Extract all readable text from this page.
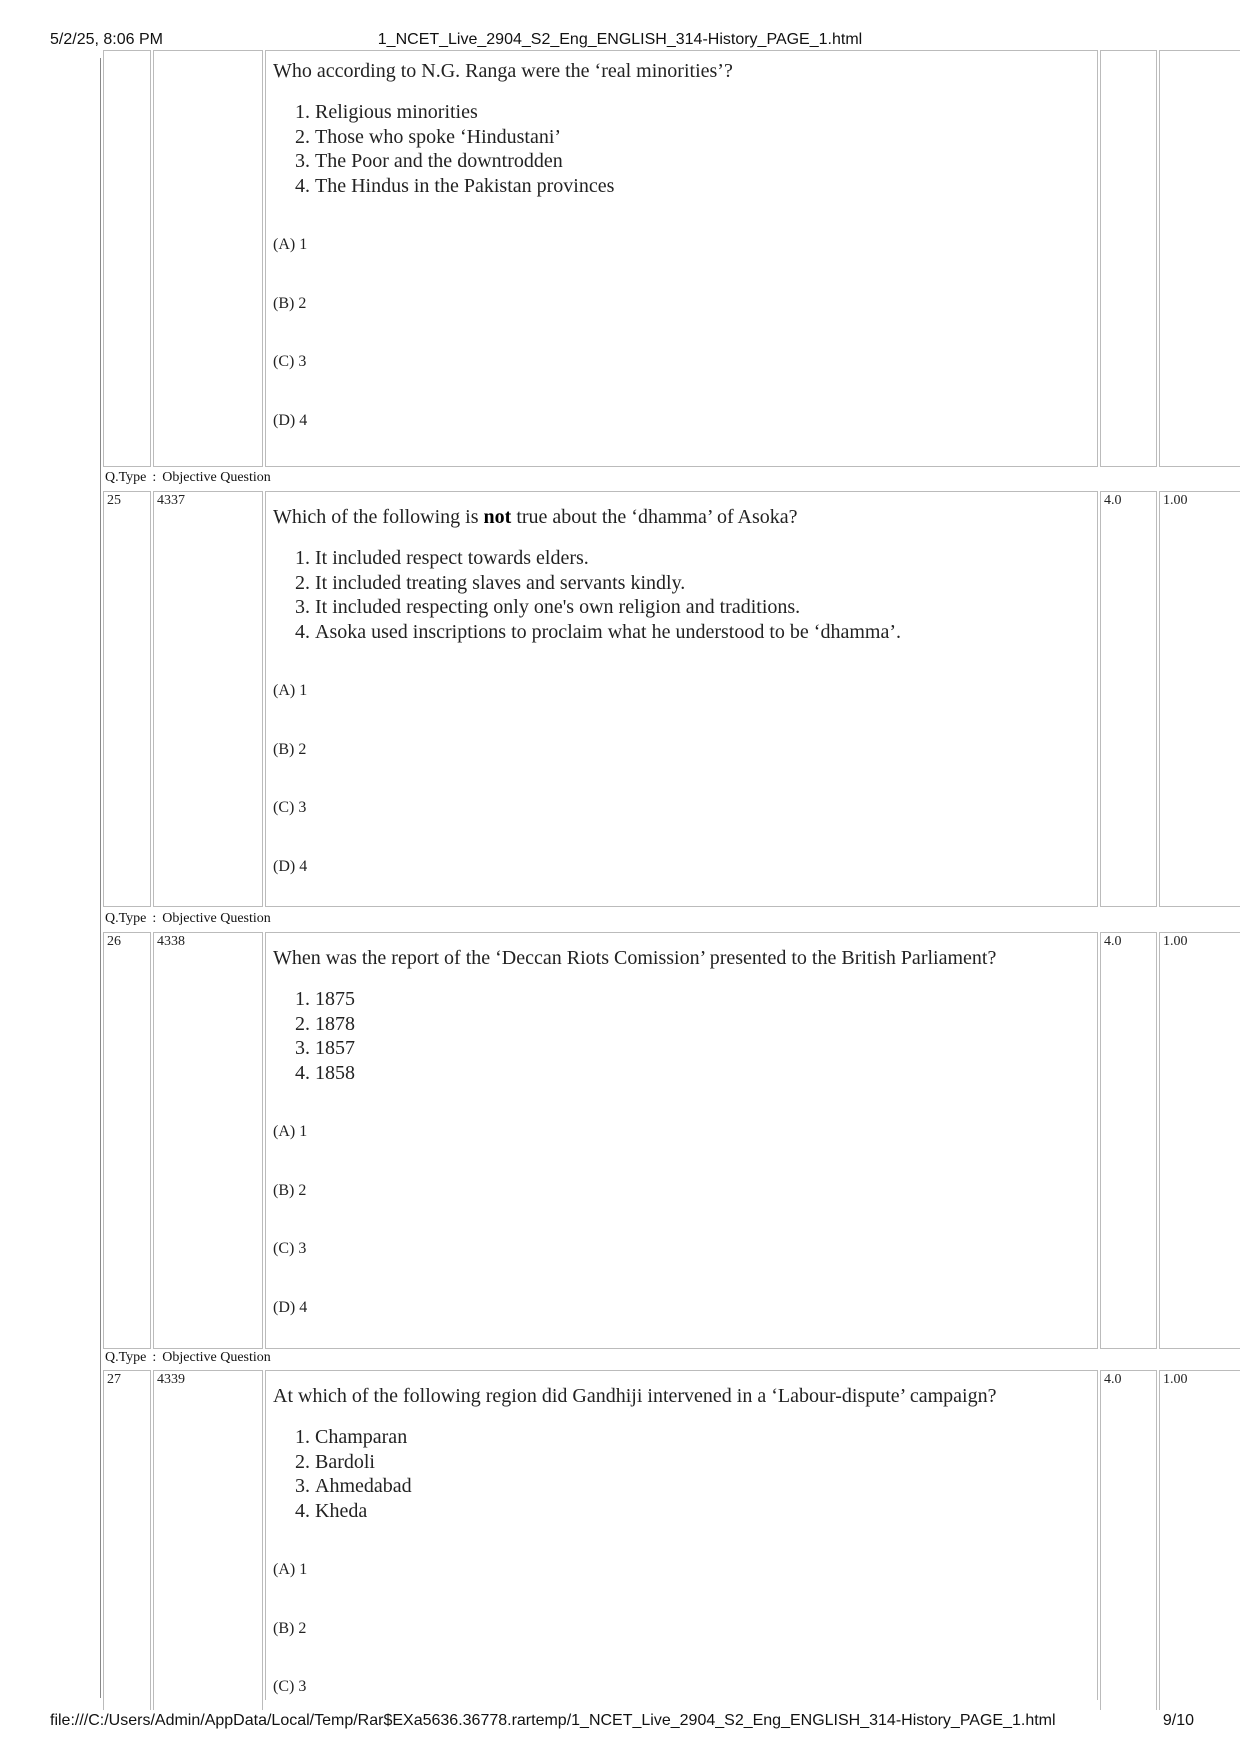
5/2/25, 8:06 PM	1_NCET_Live_2904_S2_Eng_ENGLISH_314-History_PAGE_1.html
Who according to N.G. Ranga were the ‘real minorities’?
1. Religious minorities
2. Those who spoke ‘Hindustani’
3. The Poor and the downtrodden
4. The Hindus in the Pakistan provinces

(A) 1

(B) 2

(C) 3

(D) 4

Q.Type : Objective Question
25	4337
Which of the following is not true about the ‘dhamma’ of Asoka?
1. It included respect towards elders.
2. It included treating slaves and servants kindly.
3. It included respecting only one's own religion and traditions.
4. Asoka used inscriptions to proclaim what he understood to be ‘dhamma’.

(A) 1

(B) 2

(C) 3

(D) 4

4.0	1.00
Q.Type : Objective Question
26	4338
When was the report of the ‘Deccan Riots Comission’ presented to the British Parliament?
1. 1875
2. 1878
3. 1857
4. 1858

(A) 1

(B) 2

(C) 3

(D) 4

4.0	1.00
Q.Type : Objective Question
27	4339
At which of the following region did Gandhiji intervened in a ‘Labour-dispute’ campaign?
1. Champaran
2. Bardoli
3. Ahmedabad
4. Kheda

(A) 1

(B) 2

(C) 3

4.0	1.00
file:///C:/Users/Admin/AppData/Local/Temp/Rar$EXa5636.36778.rartemp/1_NCET_Live_2904_S2_Eng_ENGLISH_314-History_PAGE_1.html	9/10
